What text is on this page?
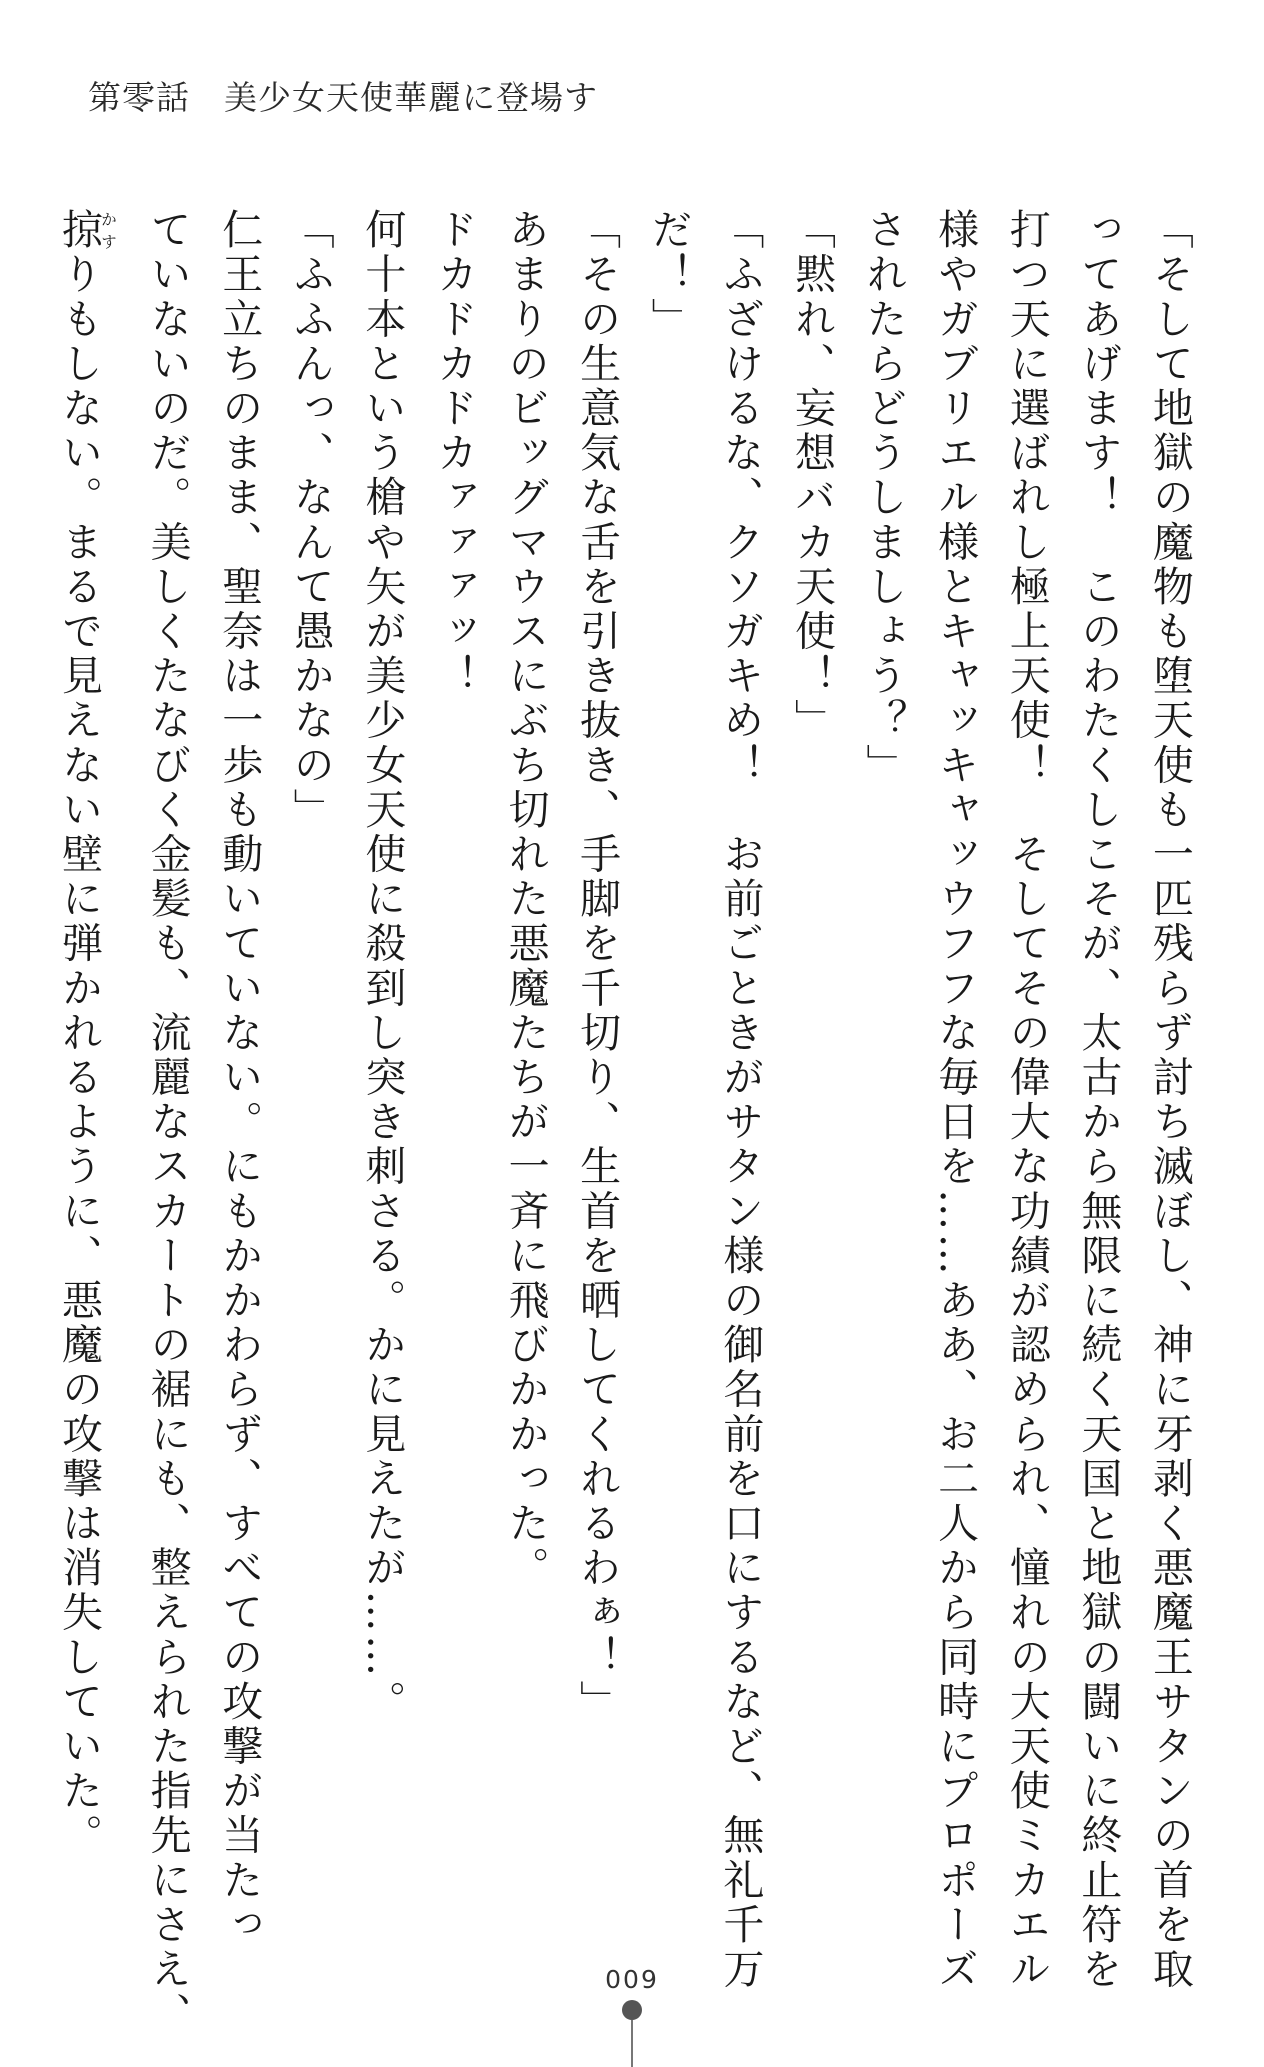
第零話 美少女天使華麗に登場す
「そして地獄の魔物も堕天使も一匹残らず討ち滅ぼし、神に牙剥く悪魔王サタンの首を取
ってあげます！　このわたくしこそが、太古から無限に続く天国と地獄の闘いに終止符を
打つ天に選ばれし極上天使！　そしてその偉大な功績が認められ、憧れの大天使ミカエル
様やガブリエル様とキャッキャッウフフな毎日を……ああ、お二人から同時にプロポーズ
されたらどうしましょう？」
「黙れ、妄想バカ天使！」
「ふざけるな、クソガキめ！　お前ごときがサタン様の御名前を口にするなど、無礼千万
だ！」
「その生意気な舌を引き抜き、手脚を千切り、生首を晒してくれるわぁ！」
あまりのビッグマウスにぶち切れた悪魔たちが一斉に飛びかかった。
ドカドカドカァァァッ！
何十本という槍や矢が美少女天使に殺到し突き刺さる。かに見えたが……。
「ふふんっ、なんて愚かなの」
仁王立ちのまま、聖奈は一歩も動いていない。にもかかわらず、すべての攻撃が当たっ
ていないのだ。美しくたなびく金髪も、流麗なスカートの裾にも、整えられた指先にさえ、
掠かすりもしない。まるで見えない壁に弾かれるように、悪魔の攻撃は消失していた。
009
